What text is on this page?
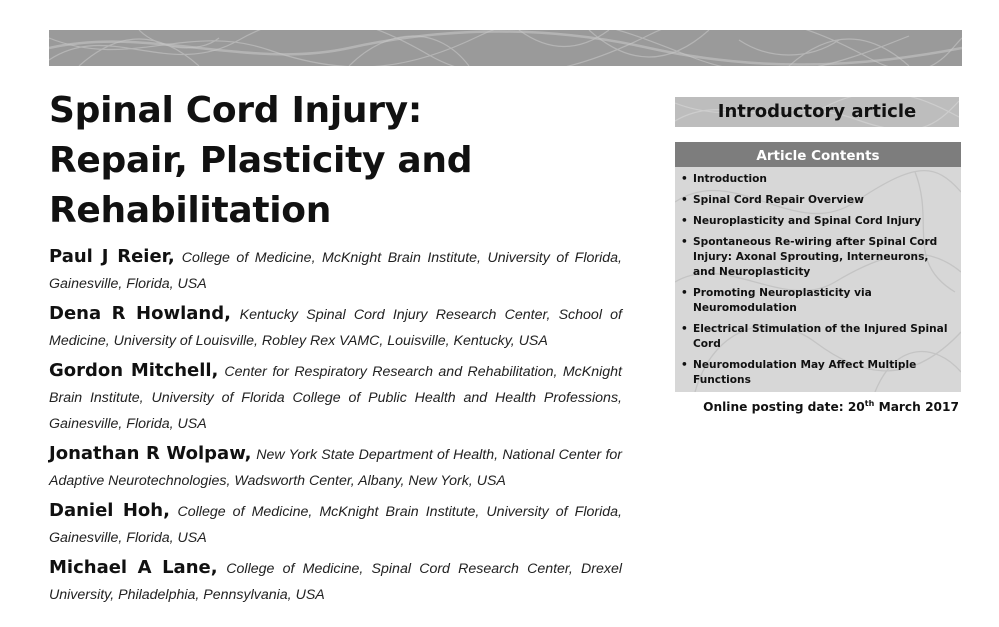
Spinal Cord Injury:
Repair, Plasticity and
Rehabilitation

Paul J Reier, College of Medicine, McKnight Brain Institute, University of Florida, Gainesville, Florida, USA

Dena R Howland, Kentucky Spinal Cord Injury Research Center, School of Medicine, University of Louisville, Robley Rex VAMC, Louisville, Kentucky, USA

Gordon Mitchell, Center for Respiratory Research and Rehabilitation, McKnight Brain Institute, University of Florida College of Public Health and Health Professions, Gainesville, Florida, USA

Jonathan R Wolpaw, New York State Department of Health, National Center for Adaptive Neurotechnologies, Wadsworth Center, Albany, New York, USA

Daniel Hoh, College of Medicine, McKnight Brain Institute, University of Florida, Gainesville, Florida, USA

Michael A Lane, College of Medicine, Spinal Cord Research Center, Drexel University, Philadelphia, Pennsylvania, USA

Introductory article
Article Contents
• Introduction
• Spinal Cord Repair Overview
• Neuroplasticity and Spinal Cord Injury
• Spontaneous Re-wiring after Spinal Cord Injury: Axonal Sprouting, Interneurons, and Neuroplasticity
• Promoting Neuroplasticity via Neuromodulation
• Electrical Stimulation of the Injured Spinal Cord
• Neuromodulation May Affect Multiple Functions
Online posting date: 20th March 2017
